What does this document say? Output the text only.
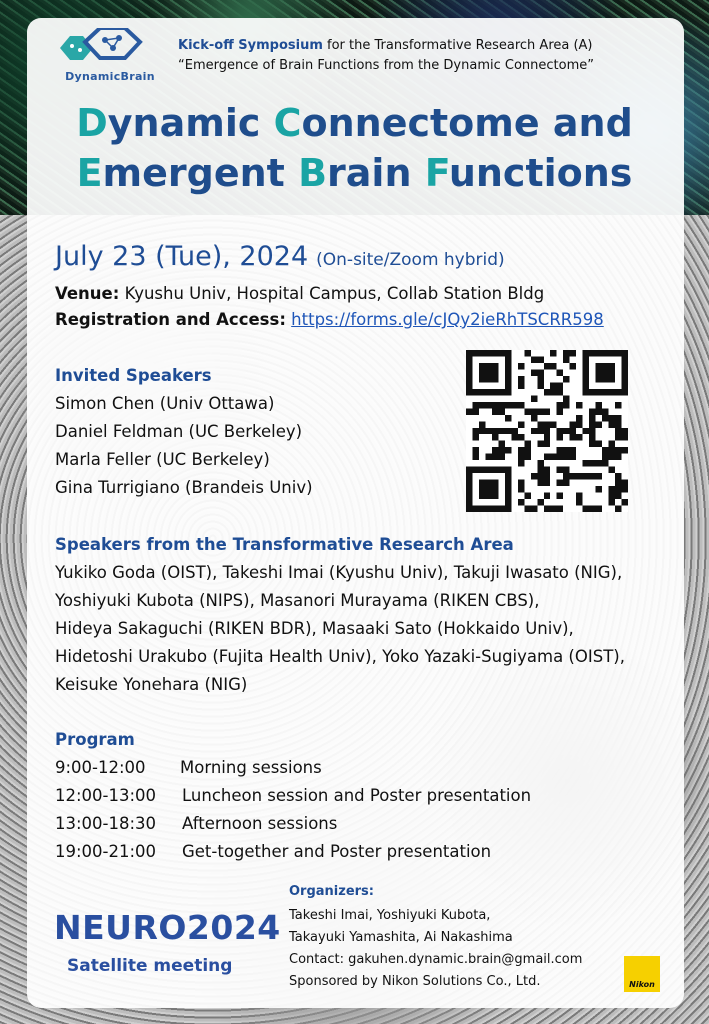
DynamicBrain
Kick-off Symposium for the Transformative Research Area (A)
“Emergence of Brain Functions from the Dynamic Connectome”
Dynamic Connectome and
Emergent Brain Functions
July 23 (Tue), 2024 (On-site/Zoom hybrid)
Venue: Kyushu Univ, Hospital Campus, Collab Station Bldg
Registration and Access: https://forms.gle/cJQy2ieRhTSCRR598
Invited Speakers
Simon Chen (Univ Ottawa)
Daniel Feldman (UC Berkeley)
Marla Feller (UC Berkeley)
Gina Turrigiano (Brandeis Univ)
Speakers from the Transformative Research Area
Yukiko Goda (OIST), Takeshi Imai (Kyushu Univ), Takuji Iwasato (NIG),
Yoshiyuki Kubota (NIPS), Masanori Murayama (RIKEN CBS),
Hideya Sakaguchi (RIKEN BDR), Masaaki Sato (Hokkaido Univ),
Hidetoshi Urakubo (Fujita Health Univ), Yoko Yazaki-Sugiyama (OIST),
Keisuke Yonehara (NIG)
Program
9:00-12:00 Morning sessions
12:00-13:00 Luncheon session and Poster presentation
13:00-18:30 Afternoon sessions
19:00-21:00 Get-together and Poster presentation
NEURO2024
Satellite meeting
Organizers:
Takeshi Imai, Yoshiyuki Kubota,
Takayuki Yamashita, Ai Nakashima
Contact: gakuhen.dynamic.brain@gmail.com
Sponsored by Nikon Solutions Co., Ltd.	Nikon
